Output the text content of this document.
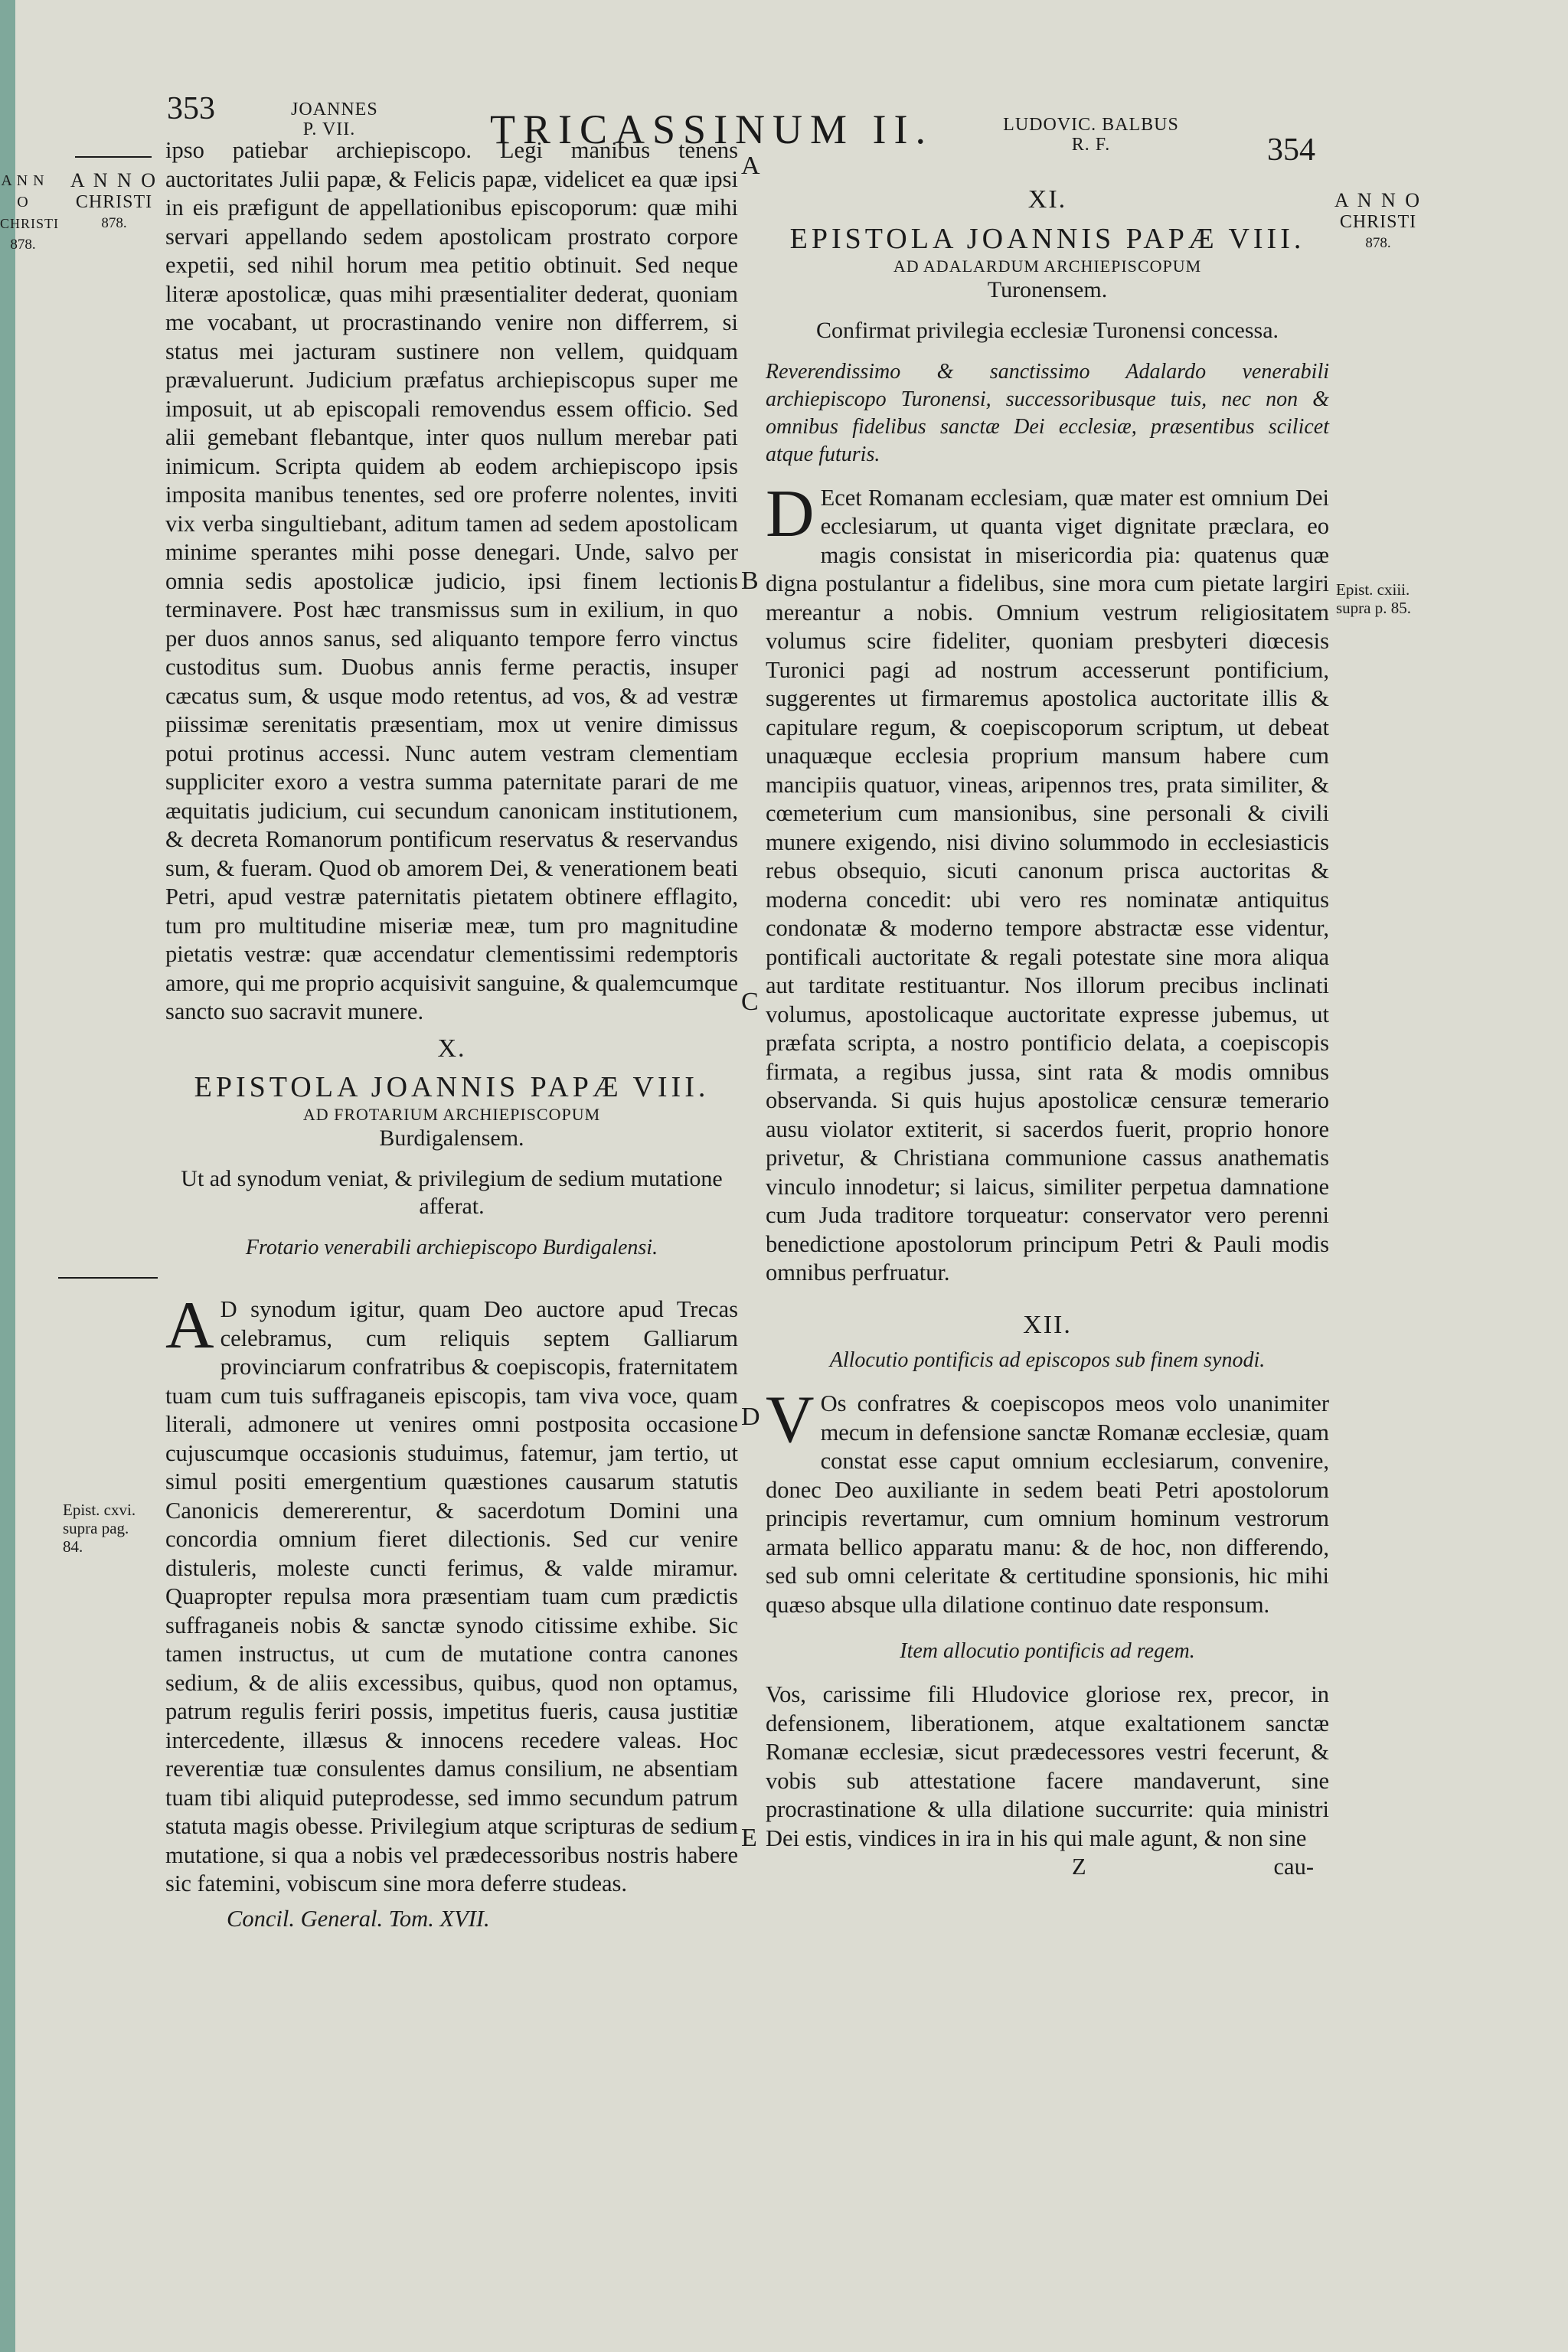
A N N O
CHRISTI
878.
353	JOANNES
P. VII.	TRICASSINUM II.	LUDOVIC. BALBUS
R. F.	354
A N N O
CHRISTI
878.
A N N O
CHRISTI
878.
Epist. cxiii.
supra p. 85.
Epist. cxvi.
supra pag.
84.
A
B
C
D
E

ipso patiebar archiepiscopo. Legi manibus tenens auctoritates Julii papæ, & Felicis papæ, videlicet ea quæ ipsi in eis præfigunt de appellationibus episcoporum: quæ mihi servari appellando sedem apostolicam prostrato corpore expetii, sed nihil horum mea petitio obtinuit. Sed neque literæ apostolicæ, quas mihi præsentialiter dederat, quoniam me vocabant, ut procrastinando venire non differrem, si status mei jacturam sustinere non vellem, quidquam prævaluerunt. Judicium præfatus archiepiscopus super me imposuit, ut ab episcopali removendus essem officio. Sed alii gemebant flebantque, inter quos nullum merebar pati inimicum. Scripta quidem ab eodem archiepiscopo ipsis imposita manibus tenentes, sed ore proferre nolentes, inviti vix verba singultiebant, aditum tamen ad sedem apostolicam minime sperantes mihi posse denegari. Unde, salvo per omnia sedis apostolicæ judicio, ipsi finem lectionis terminavere. Post hæc transmissus sum in exilium, in quo per duos annos sanus, sed aliquanto tempore ferro vinctus custoditus sum. Duobus annis ferme peractis, insuper cæcatus sum, & usque modo retentus, ad vos, & ad vestræ piissimæ serenitatis præsentiam, mox ut venire dimissus potui protinus accessi. Nunc autem vestram clementiam suppliciter exoro a vestra summa paternitate parari de me æquitatis judicium, cui secundum canonicam institutionem, & decreta Romanorum pontificum reservatus & reservandus sum, & fueram. Quod ob amorem Dei, & venerationem beati Petri, apud vestræ paternitatis pietatem obtinere efflagito, tum pro multitudine miseriæ meæ, tum pro magnitudine pietatis vestræ: quæ accendatur clementissimi redemptoris amore, qui me proprio acquisivit sanguine, & qualemcumque sancto suo sacravit munere.

X.
EPISTOLA JOANNIS PAPÆ VIII.
AD FROTARIUM ARCHIEPISCOPUM
Burdigalensem.
Ut ad synodum veniat, & privilegium de sedium mutatione afferat.
Frotario venerabili archiepiscopo Burdigalensi.

A D synodum igitur, quam Deo auctore apud Trecas celebramus, cum reliquis septem Galliarum provinciarum confratribus & coepiscopis, fraternitatem tuam cum tuis suffraganeis episcopis, tam viva voce, quam literali, admonere ut venires omni postposita occasione cujuscumque occasionis studuimus, fatemur, jam tertio, ut simul positi emergentium quæstiones causarum statutis Canonicis demererentur, & sacerdotum Domini una concordia omnium fieret dilectionis. Sed cur venire distuleris, moleste cuncti ferimus, & valde miramur. Quapropter repulsa mora præsentiam tuam cum prædictis suffraganeis nobis & sanctæ synodo citissime exhibe. Sic tamen instructus, ut cum de mutatione contra canones sedium, & de aliis excessibus, quibus, quod non optamus, patrum regulis feriri possis, impetitus fueris, causa justitiæ intercedente, illæsus & innocens recedere valeas. Hoc reverentiæ tuæ consulentes damus consilium, ne absentiam tuam tibi aliquid puteprodesse, sed immo secundum patrum statuta magis obesse. Privilegium atque scripturas de sedium mutatione, si qua a nobis vel prædecessoribus nostris habere sic fatemini, vobiscum sine mora deferre studeas.

Concil. General. Tom. XVII.
XI.
EPISTOLA JOANNIS PAPÆ VIII.
AD ADALARDUM ARCHIEPISCOPUM
Turonensem.
Confirmat privilegia ecclesiæ Turonensi concessa.
Reverendissimo & sanctissimo Adalardo venerabili archiepiscopo Turonensi, successoribusque tuis, nec non & omnibus fidelibus sanctæ Dei ecclesiæ, præsentibus scilicet atque futuris.

D Ecet Romanam ecclesiam, quæ mater est omnium Dei ecclesiarum, ut quanta viget dignitate præclara, eo magis consistat in misericordia pia: quatenus quæ digna postulantur a fidelibus, sine mora cum pietate largiri mereantur a nobis. Omnium vestrum religiositatem volumus scire fideliter, quoniam presbyteri diœcesis Turonici pagi ad nostrum accesserunt pontificium, suggerentes ut firmaremus apostolica auctoritate illis & capitulare regum, & coepiscoporum scriptum, ut debeat unaquæque ecclesia proprium mansum habere cum mancipiis quatuor, vineas, aripennos tres, prata similiter, & cœmeterium cum mansionibus, sine personali & civili munere exigendo, nisi divino solummodo in ecclesiasticis rebus obsequio, sicuti canonum prisca auctoritas & moderna concedit: ubi vero res nominatæ antiquitus condonatæ & moderno tempore abstractæ esse videntur, pontificali auctoritate & regali potestate sine mora aliqua aut tarditate restituantur. Nos illorum precibus inclinati volumus, apostolicaque auctoritate expresse jubemus, ut præfata scripta, a nostro pontificio delata, a coepiscopis firmata, a regibus jussa, sint rata & modis omnibus observanda. Si quis hujus apostolicæ censuræ temerario ausu violator extiterit, si sacerdos fuerit, proprio honore privetur, & Christiana communione cassus anathematis vinculo innodetur; si laicus, similiter perpetua damnatione cum Juda traditore torqueatur: conservator vero perenni benedictione apostolorum principum Petri & Pauli modis omnibus perfruatur.

XII.
Allocutio pontificis ad episcopos sub finem synodi.

V Os confratres & coepiscopos meos volo unanimiter mecum in defensione sanctæ Romanæ ecclesiæ, quam constat esse caput omnium ecclesiarum, convenire, donec Deo auxiliante in sedem beati Petri apostolorum principis revertamur, cum omnium hominum vestrorum armata bellico apparatu manu: & de hoc, non differendo, sed sub omni celeritate & certitudine sponsionis, hic mihi quæso absque ulla dilatione continuo date responsum.

Item allocutio pontificis ad regem.

Vos, carissime fili Hludovice gloriose rex, precor, in defensionem, liberationem, atque exaltationem sanctæ Romanæ ecclesiæ, sicut prædecessores vestri fecerunt, & vobis sub attestatione facere mandaverunt, sine procrastinatione & ulla dilatione succurrite: quia ministri Dei estis, vindices in ira in his qui male agunt, & non sine

Z	cau-
